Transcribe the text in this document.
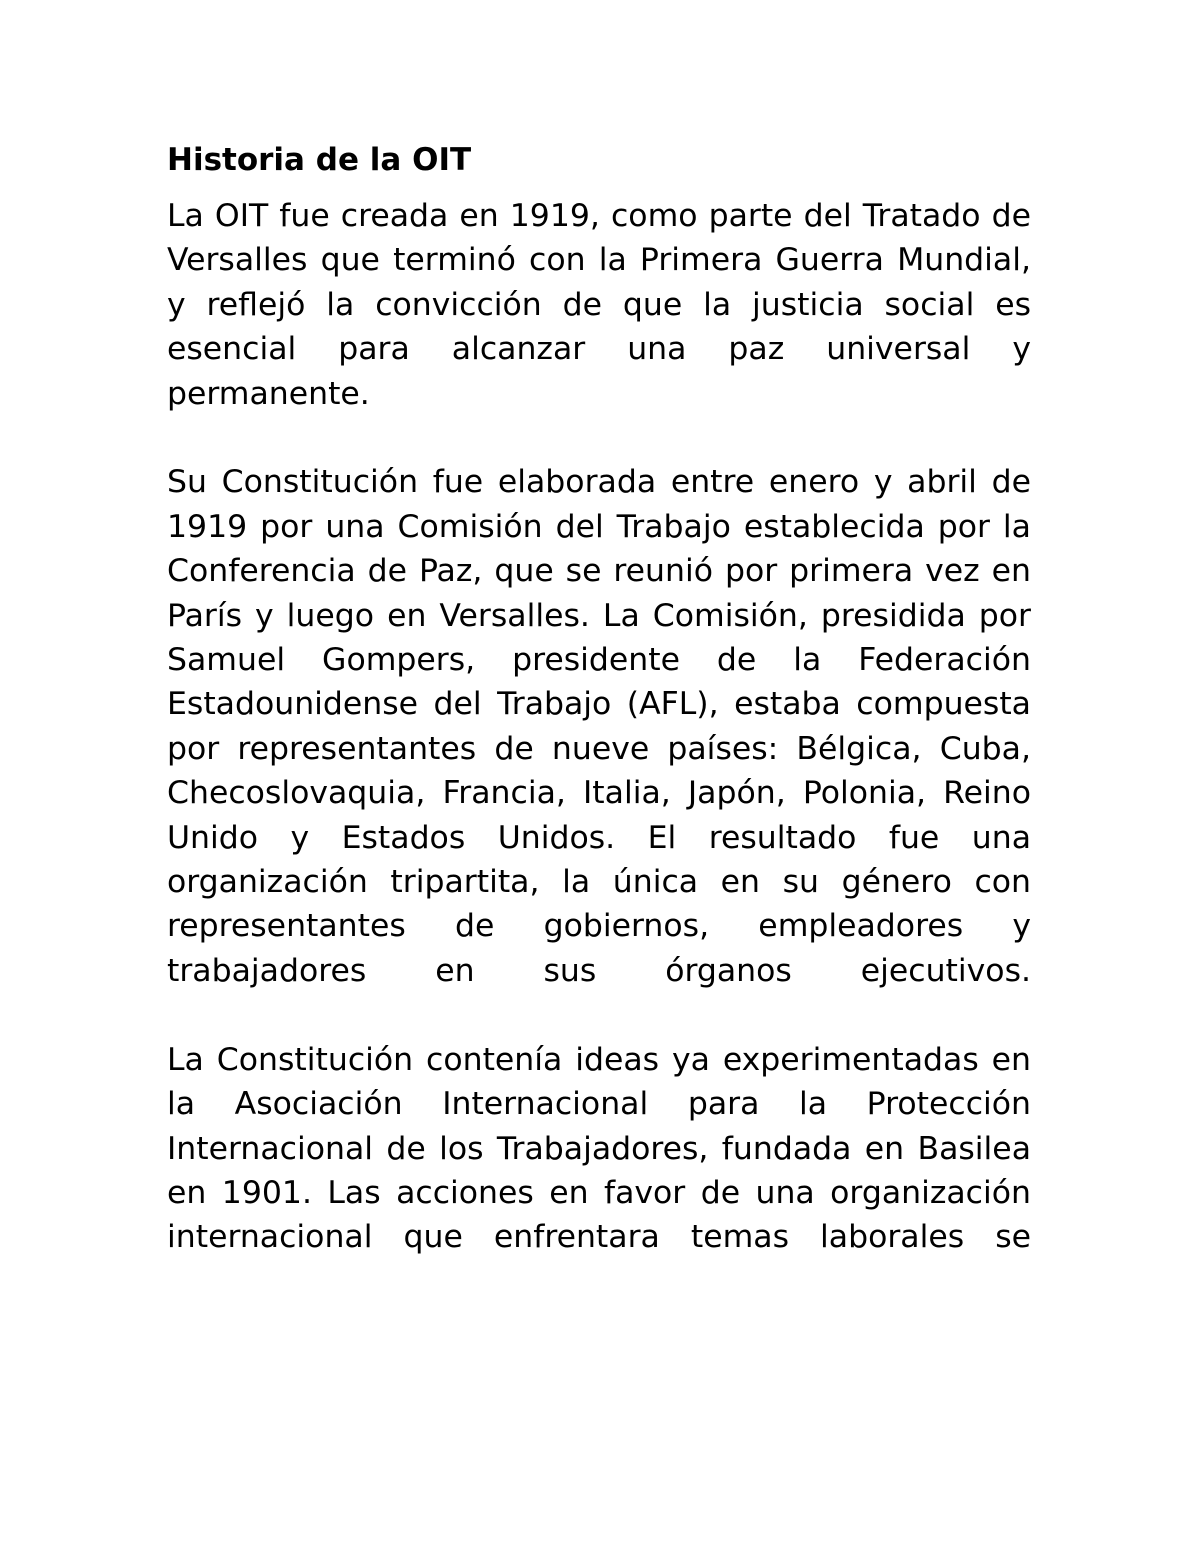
Historia de la OIT

La OIT fue creada en 1919, como parte del Tratado de Versalles que terminó con la Primera Guerra Mundial, y reflejó la convicción de que la justicia social es esencial para alcanzar una paz universal y permanente.

Su Constitución fue elaborada entre enero y abril de 1919 por una Comisión del Trabajo establecida por la Conferencia de Paz, que se reunió por primera vez en París y luego en Versalles. La Comisión, presidida por Samuel Gompers, presidente de la Federación Estadounidense del Trabajo (AFL), estaba compuesta por representantes de nueve países: Bélgica, Cuba, Checoslovaquia, Francia, Italia, Japón, Polonia, Reino Unido y Estados Unidos. El resultado fue una organización tripartita, la única en su género con representantes de gobiernos, empleadores y trabajadores en sus órganos ejecutivos.

La Constitución contenía ideas ya experimentadas en la Asociación Internacional para la Protección Internacional de los Trabajadores, fundada en Basilea en 1901. Las acciones en favor de una organización internacional que enfrentara temas laborales se
